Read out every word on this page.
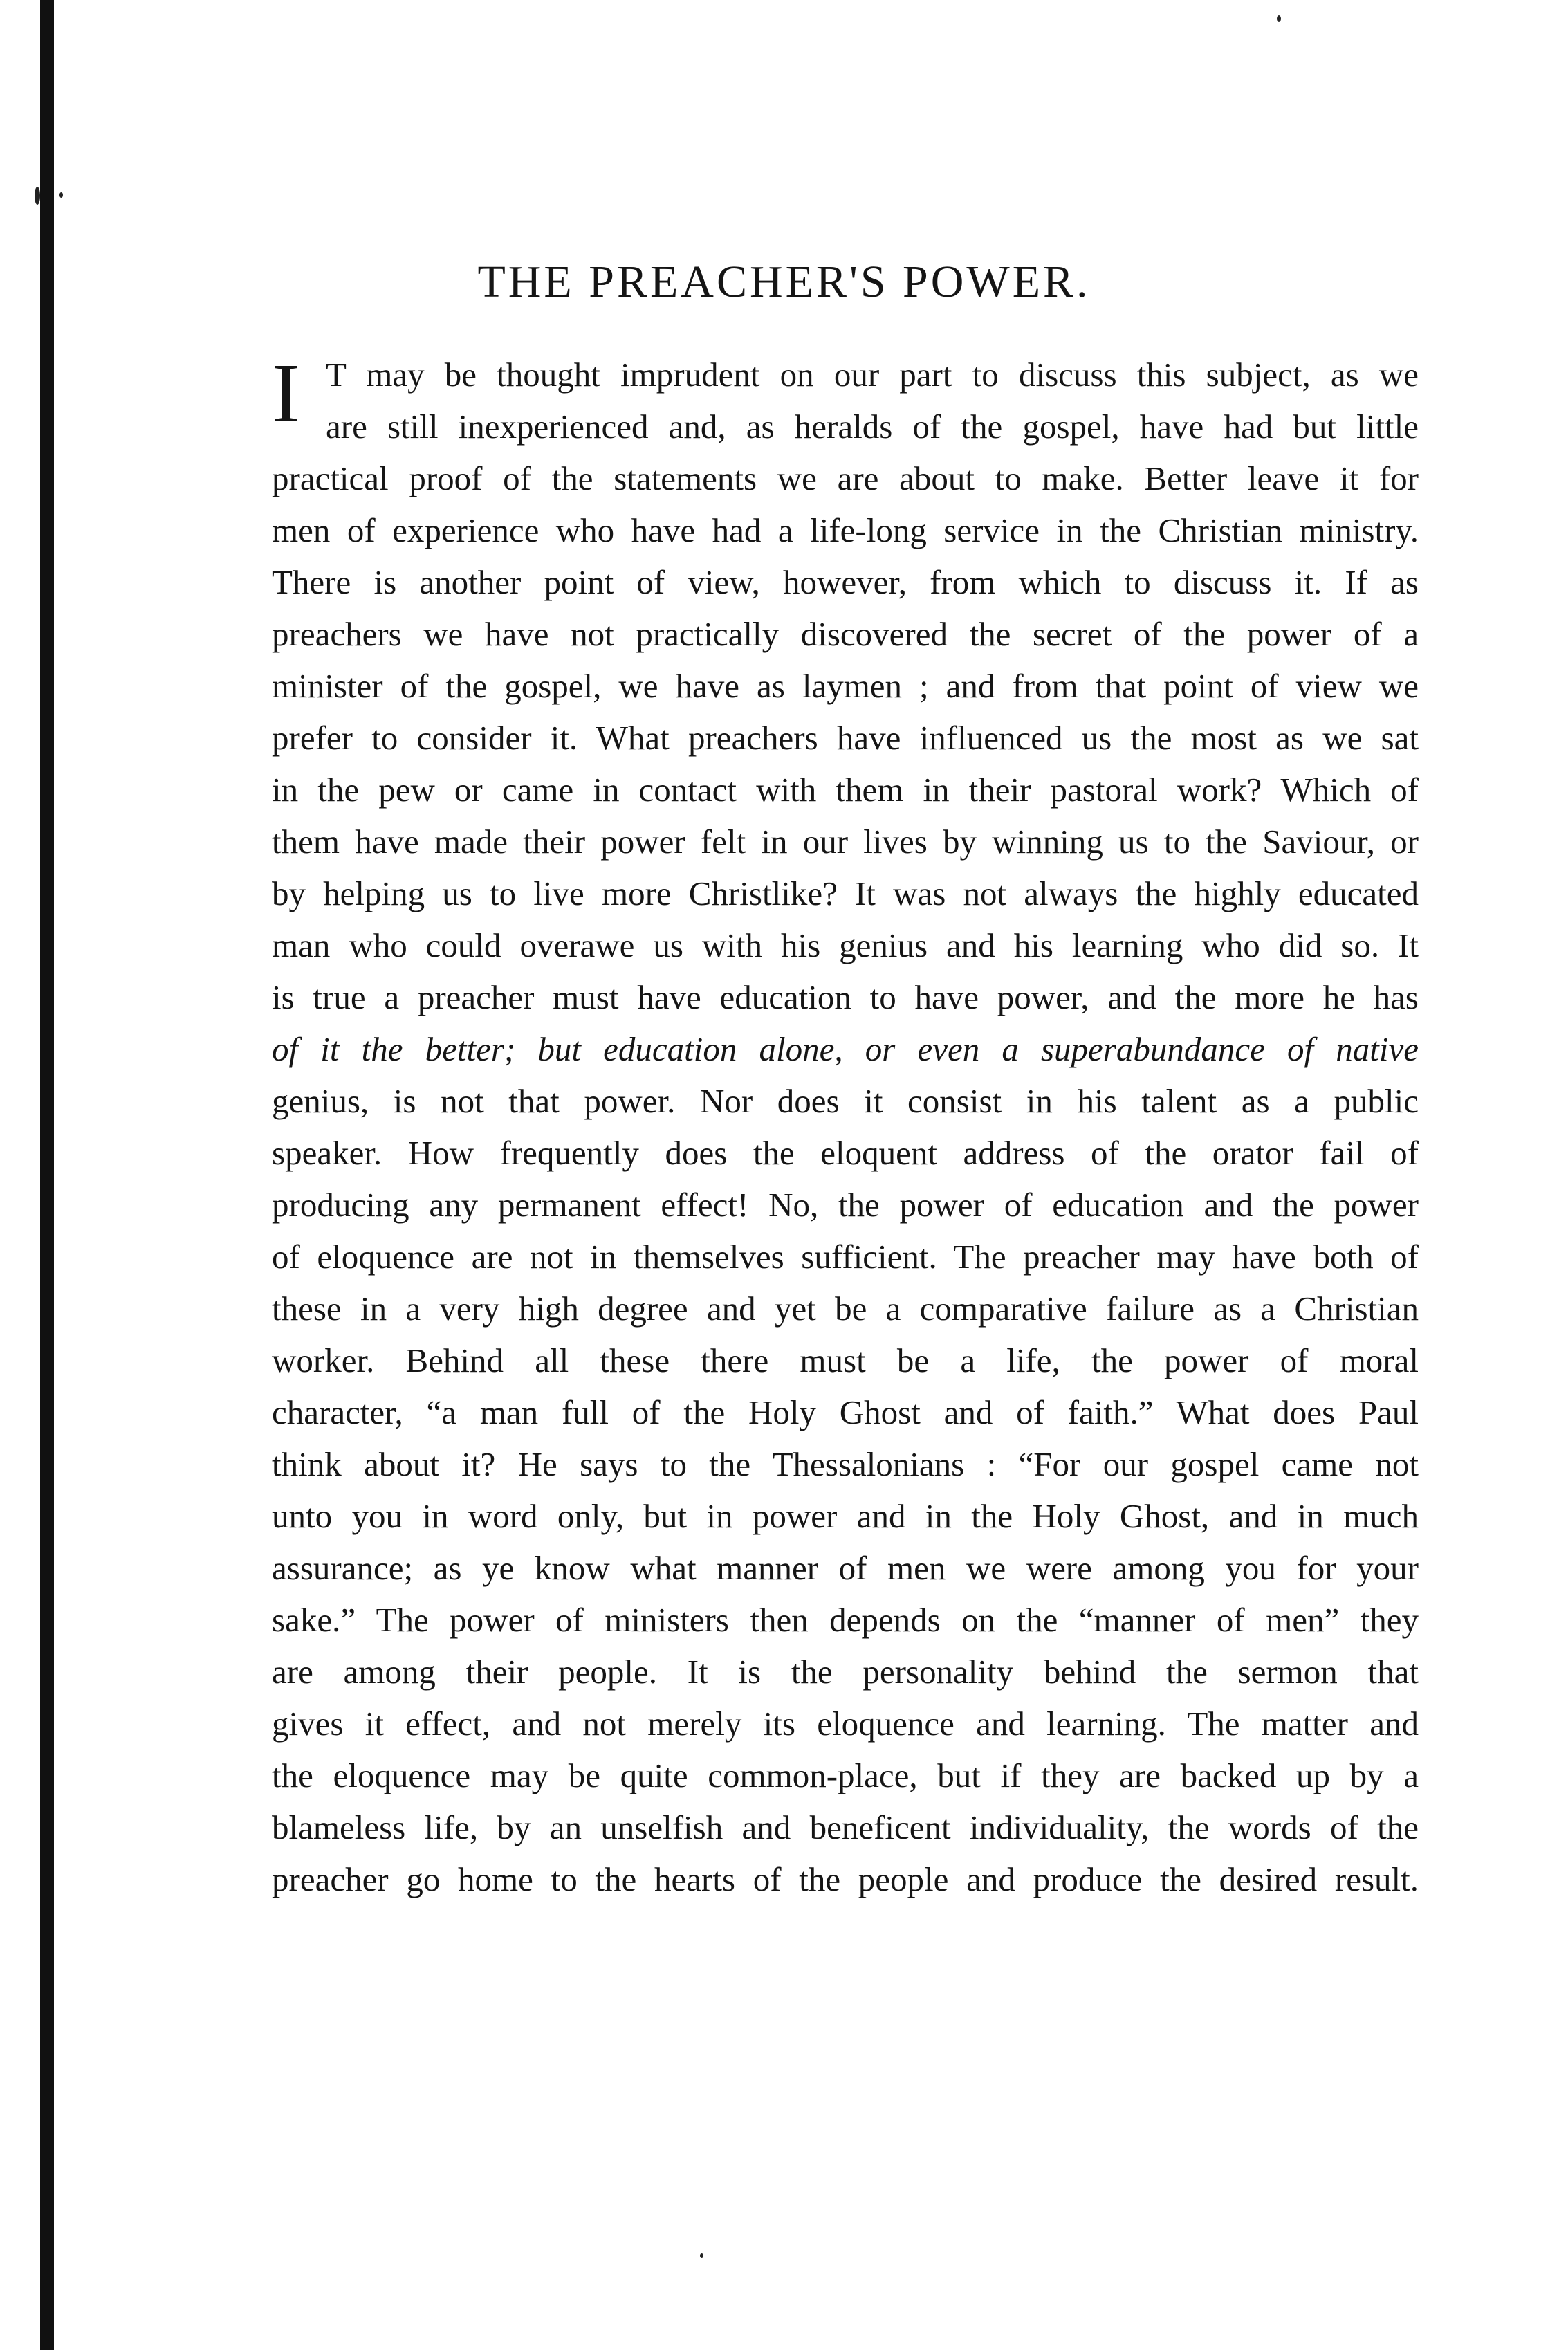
THE PREACHER'S POWER.
I T may be thought imprudent on our part to discuss this subject, as we
are still inexperienced and, as heralds of the gospel, have had but little
practical proof of the statements we are about to make. Better leave it for
men of experience who have had a life-long service in the Christian ministry.
There is another point of view, however, from which to discuss it. If as
preachers we have not practically discovered the secret of the power of a
minister of the gospel, we have as laymen ; and from that point of view we
prefer to consider it. What preachers have influenced us the most as we sat
in the pew or came in contact with them in their pastoral work? Which of
them have made their power felt in our lives by winning us to the Saviour, or
by helping us to live more Christlike? It was not always the highly educated
man who could overawe us with his genius and his learning who did so. It
is true a preacher must have education to have power, and the more he has
of it the better; but education alone, or even a superabundance of native
genius, is not that power. Nor does it consist in his talent as a public
speaker. How frequently does the eloquent address of the orator fail of
producing any permanent effect! No, the power of education and the power
of eloquence are not in themselves sufficient. The preacher may have both of
these in a very high degree and yet be a comparative failure as a Christian
worker. Behind all these there must be a life, the power of moral
character, “a man full of the Holy Ghost and of faith.” What does Paul
think about it? He says to the Thessalonians : “For our gospel came not
unto you in word only, but in power and in the Holy Ghost, and in much
assurance; as ye know what manner of men we were among you for your
sake.” The power of ministers then depends on the “manner of men” they
are among their people. It is the personality behind the sermon that
gives it effect, and not merely its eloquence and learning. The matter and
the eloquence may be quite common-place, but if they are backed up by a
blameless life, by an unselfish and beneficent individuality, the words of the
preacher go home to the hearts of the people and produce the desired result.
